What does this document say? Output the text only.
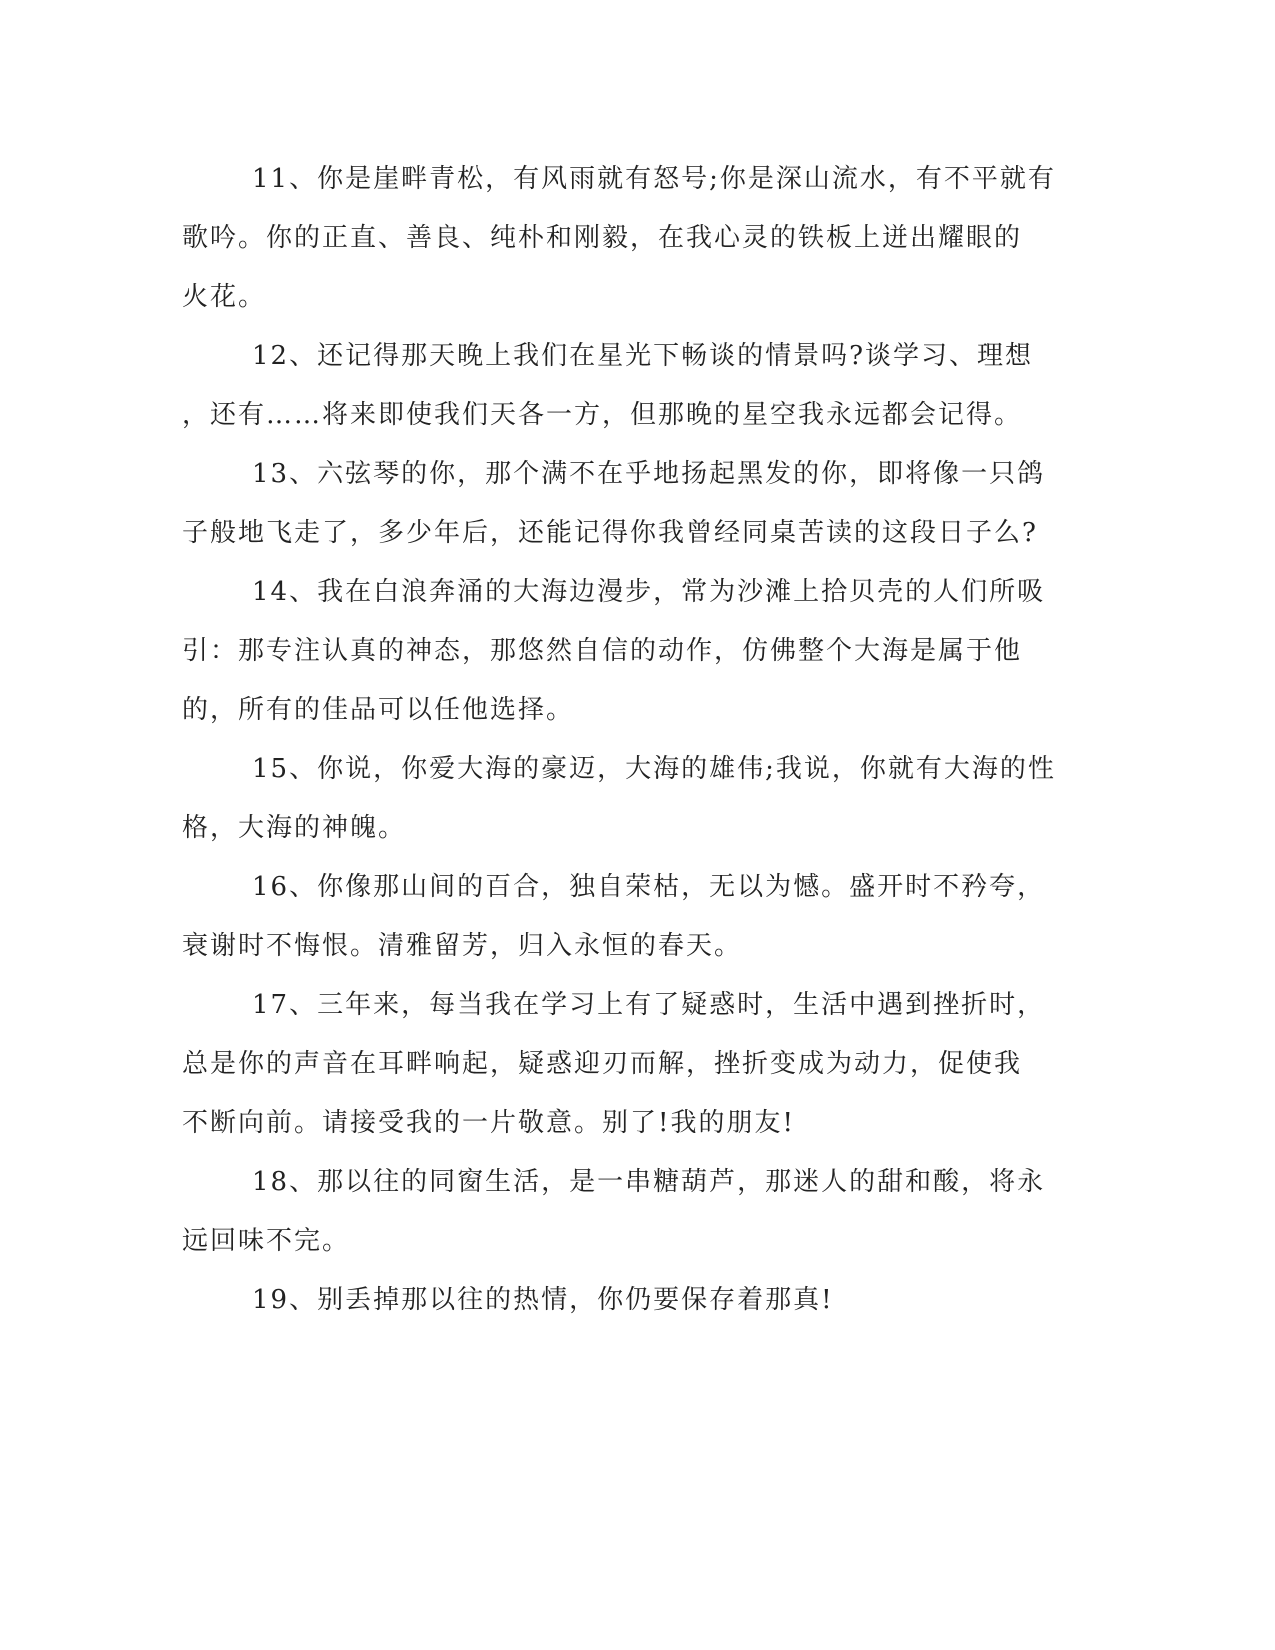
11、你是崖畔青松，有风雨就有怒号;你是深山流水，有不平就有
歌吟。你的正直、善良、纯朴和刚毅，在我心灵的铁板上迸出耀眼的
火花。
12、还记得那天晚上我们在星光下畅谈的情景吗?谈学习、理想
，还有……将来即使我们天各一方，但那晚的星空我永远都会记得。
13、六弦琴的你，那个满不在乎地扬起黑发的你，即将像一只鸽
子般地飞走了，多少年后，还能记得你我曾经同桌苦读的这段日子么?
14、我在白浪奔涌的大海边漫步，常为沙滩上拾贝壳的人们所吸
引：那专注认真的神态，那悠然自信的动作，仿佛整个大海是属于他
的，所有的佳品可以任他选择。
15、你说，你爱大海的豪迈，大海的雄伟;我说，你就有大海的性
格，大海的神魄。
16、你像那山间的百合，独自荣枯，无以为憾。盛开时不矜夸，
衰谢时不悔恨。清雅留芳，归入永恒的春天。
17、三年来，每当我在学习上有了疑惑时，生活中遇到挫折时，
总是你的声音在耳畔响起，疑惑迎刃而解，挫折变成为动力，促使我
不断向前。请接受我的一片敬意。别了!我的朋友!
18、那以往的同窗生活，是一串糖葫芦，那迷人的甜和酸，将永
远回味不完。
19、别丢掉那以往的热情，你仍要保存着那真!
